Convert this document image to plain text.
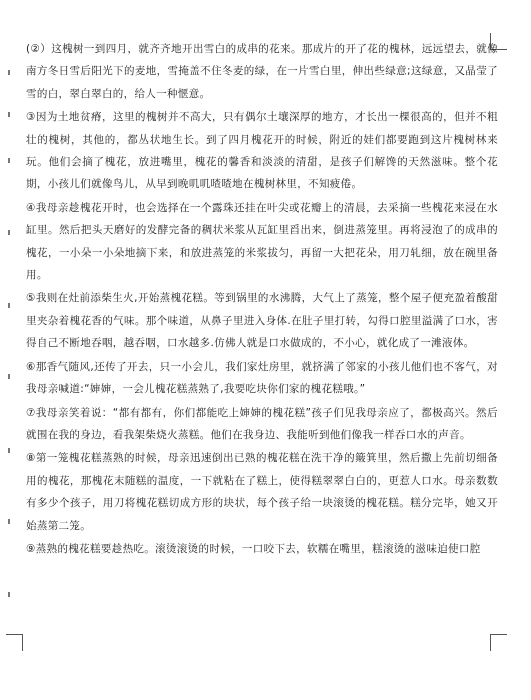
(②）这槐树一到四月，就齐齐地开出雪白的成串的花来。那成片的开了花的槐林，远远望去，就像南方冬日雪后阳光下的麦地，雪掩盖不住冬麦的绿，在一片雪白里，伸出些绿意;这绿意，又晶莹了雪的白，翠白翠白的，给人一种惬意。

③因为土地贫瘠，这里的槐树并不高大，只有偶尔土壤深厚的地方，才长出一棵很高的，但并不粗壮的槐树，其他的，都丛状地生长。到了四月槐花开的时候，附近的娃们都要跑到这片槐树林来玩。他们会摘了槐花，放进嘴里，槐花的馨香和淡淡的清甜，是孩子们解馋的天然滋味。整个花期，小孩儿们就像鸟儿，从早到晚叽叽喳喳地在槐树林里，不知疲倦。

④我母亲趁槐花开时，也会选择在一个露珠还挂在叶尖或花瓣上的清晨，去采摘一些槐花来浸在水缸里。然后把头天磨好的发酵完备的稠状米浆从瓦缸里舀出来，倒进蒸笼里。再将浸泡了的成串的槐花，一小朵一小朵地摘下来，和放进蒸笼的米浆拔匀，再留一大把花朵，用刀轧细，放在碗里备用。

⑤我则在灶前添柴生火,开始蒸槐花糕。等到锅里的水沸腾，大气上了蒸笼，整个屋子便充盈着酸甜里夹杂着槐花香的气味。那个味道，从鼻子里进入身体.在肚子里打转，勾得口腔里溢满了口水，害得自己不断地吞咽，越吞咽，口水越多.仿佛人就是口水做成的，不小心，就化成了一滩液体。

⑥那香气随风,还传了开去，只一小会儿，我们家灶房里，就挤满了邻家的小孩儿他们也不客气，对我母亲喊道:“婶婶，一会儿槐花糕蒸熟了,我要吃块你们家的槐花糕哦。”

⑦我母亲笑着说：“都有都有，你们都能吃上婶婶的槐花糕”孩子们见我母亲应了，都极高兴。然后就围在我的身边，看我架柴烧火蒸糕。他们在我身边、我能听到他们像我一样吞口水的声音。

⑧第一笼槐花糕蒸熟的时候，母亲迅速倒出已熟的槐花糕在洗干净的簸箕里，然后撒上先前切细备用的槐花，那槐花末随糕的温度，一下就粘在了糕上，使得糕翠翠白白的，更惹人口水。母亲数数有多少个孩子，用刀将槐花糕切成方形的块状，每个孩子给一块滚烫的槐花糕。糕分完毕，她又开始蒸第二笼。

⑨蒸熟的槐花糕要趁热吃。滚烫滚烫的时候，一口咬下去，软糯在嘴里，糕滚烫的滋味迫使口腔
